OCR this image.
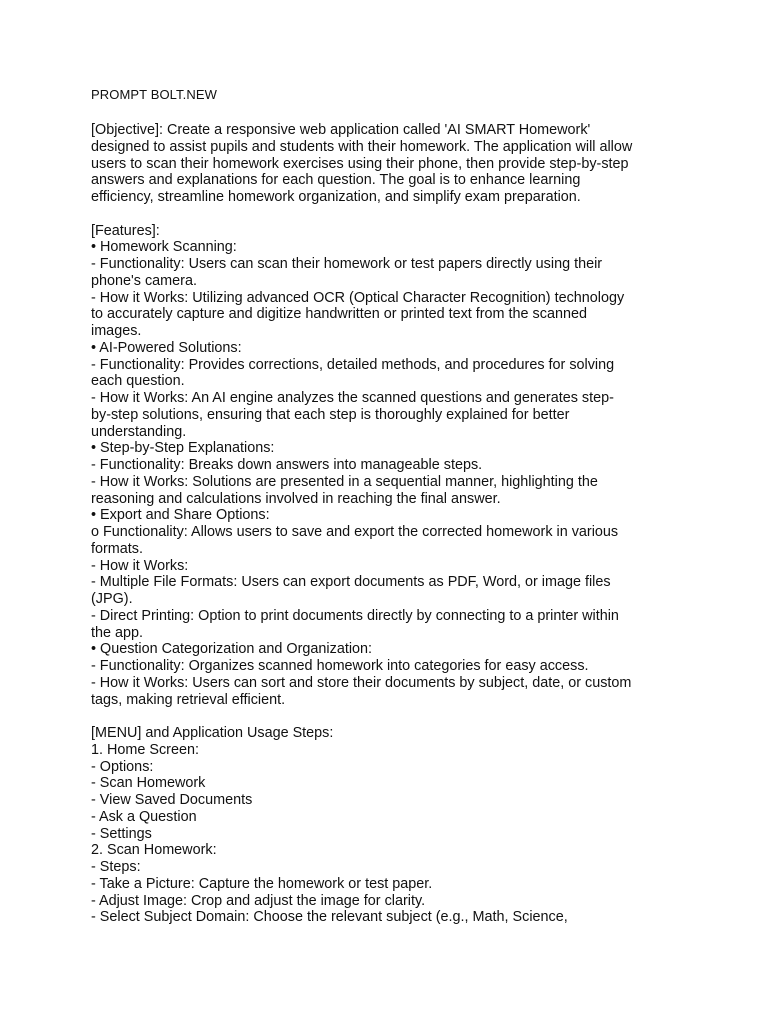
PROMPT BOLT.NEW
[Objective]: Create a responsive web application called 'AI SMART Homework'
designed to assist pupils and students with their homework. The application will allow
users to scan their homework exercises using their phone, then provide step-by-step
answers and explanations for each question. The goal is to enhance learning
efficiency, streamline homework organization, and simplify exam preparation.
[Features]:
• Homework Scanning:
- Functionality: Users can scan their homework or test papers directly using their
phone's camera.
- How it Works: Utilizing advanced OCR (Optical Character Recognition) technology
to accurately capture and digitize handwritten or printed text from the scanned
images.
• AI-Powered Solutions:
- Functionality: Provides corrections, detailed methods, and procedures for solving
each question.
- How it Works: An AI engine analyzes the scanned questions and generates step-
by-step solutions, ensuring that each step is thoroughly explained for better
understanding.
• Step-by-Step Explanations:
- Functionality: Breaks down answers into manageable steps.
- How it Works: Solutions are presented in a sequential manner, highlighting the
reasoning and calculations involved in reaching the final answer.
• Export and Share Options:
o Functionality: Allows users to save and export the corrected homework in various
formats.
- How it Works:
- Multiple File Formats: Users can export documents as PDF, Word, or image files
(JPG).
- Direct Printing: Option to print documents directly by connecting to a printer within
the app.
• Question Categorization and Organization:
- Functionality: Organizes scanned homework into categories for easy access.
- How it Works: Users can sort and store their documents by subject, date, or custom
tags, making retrieval efficient.
[MENU] and Application Usage Steps:
1. Home Screen:
- Options:
- Scan Homework
- View Saved Documents
- Ask a Question
- Settings
2. Scan Homework:
- Steps:
- Take a Picture: Capture the homework or test paper.
- Adjust Image: Crop and adjust the image for clarity.
- Select Subject Domain: Choose the relevant subject (e.g., Math, Science,
